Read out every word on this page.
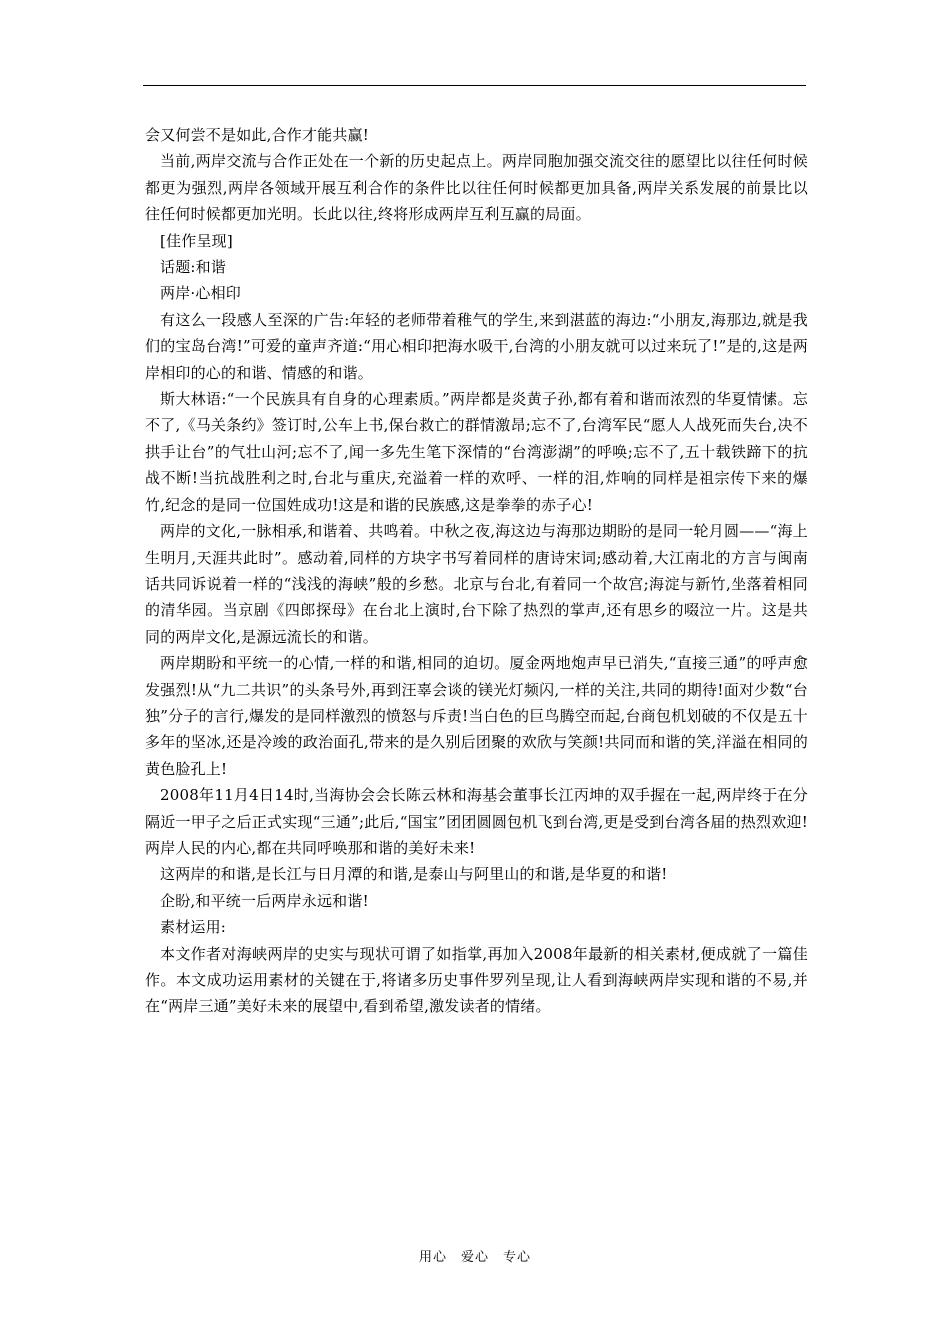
会又何尝不是如此,合作才能共赢!

当前,两岸交流与合作正处在一个新的历史起点上。两岸同胞加强交流交往的愿望比以往任何时候都更为强烈,两岸各领域开展互利合作的条件比以往任何时候都更加具备,两岸关系发展的前景比以往任何时候都更加光明。长此以往,终将形成两岸互利互赢的局面。

[佳作呈现]

话题:和谐

两岸·心相印

有这么一段感人至深的广告:年轻的老师带着稚气的学生,来到湛蓝的海边:“小朋友,海那边,就是我们的宝岛台湾!”可爱的童声齐道:“用心相印把海水吸干,台湾的小朋友就可以过来玩了!”是的,这是两岸相印的心的和谐、情感的和谐。

斯大林语:“一个民族具有自身的心理素质。”两岸都是炎黄子孙,都有着和谐而浓烈的华夏情愫。忘不了,《马关条约》签订时,公车上书,保台救亡的群情激昂;忘不了,台湾军民“愿人人战死而失台,决不拱手让台”的气壮山河;忘不了,闻一多先生笔下深情的“台湾澎湖”的呼唤;忘不了,五十载铁蹄下的抗战不断!当抗战胜利之时,台北与重庆,充溢着一样的欢呼、一样的泪,炸响的同样是祖宗传下来的爆竹,纪念的是同一位国姓成功!这是和谐的民族感,这是拳拳的赤子心!

两岸的文化,一脉相承,和谐着、共鸣着。中秋之夜,海这边与海那边期盼的是同一轮月圆——“海上生明月,天涯共此时”。感动着,同样的方块字书写着同样的唐诗宋词;感动着,大江南北的方言与闽南话共同诉说着一样的“浅浅的海峡”般的乡愁。北京与台北,有着同一个故宫;海淀与新竹,坐落着相同的清华园。当京剧《四郎探母》在台北上演时,台下除了热烈的掌声,还有思乡的啜泣一片。这是共同的两岸文化,是源远流长的和谐。

两岸期盼和平统一的心情,一样的和谐,相同的迫切。厦金两地炮声早已消失,“直接三通”的呼声愈发强烈!从“九二共识”的头条号外,再到汪辜会谈的镁光灯频闪,一样的关注,共同的期待!面对少数“台独”分子的言行,爆发的是同样激烈的愤怒与斥责!当白色的巨鸟腾空而起,台商包机划破的不仅是五十多年的坚冰,还是冷竣的政治面孔,带来的是久别后团聚的欢欣与笑颜!共同而和谐的笑,洋溢在相同的黄色脸孔上!

2008年11月4日14时,当海协会会长陈云林和海基会董事长江丙坤的双手握在一起,两岸终于在分隔近一甲子之后正式实现“三通”;此后,“国宝”团团圆圆包机飞到台湾,更是受到台湾各届的热烈欢迎!两岸人民的内心,都在共同呼唤那和谐的美好未来!

这两岸的和谐,是长江与日月潭的和谐,是泰山与阿里山的和谐,是华夏的和谐!

企盼,和平统一后两岸永远和谐!

素材运用:

本文作者对海峡两岸的史实与现状可谓了如指掌,再加入2008年最新的相关素材,便成就了一篇佳作。本文成功运用素材的关键在于,将诸多历史事件罗列呈现,让人看到海峡两岸实现和谐的不易,并在“两岸三通”美好未来的展望中,看到希望,激发读者的情绪。

用心　爱心　专心
